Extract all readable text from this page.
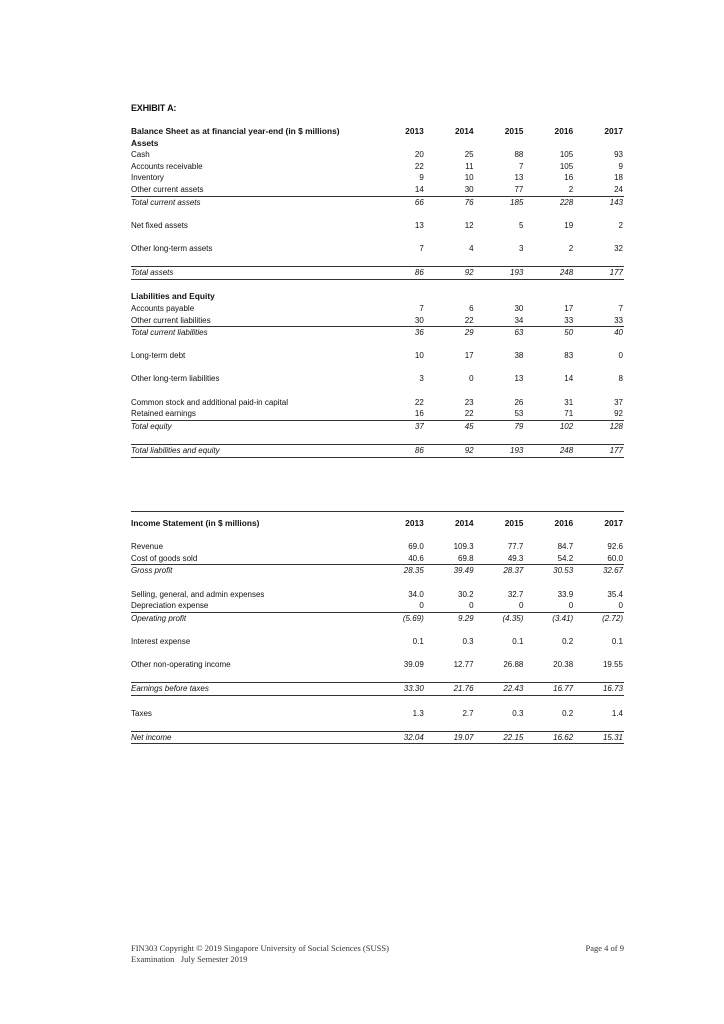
EXHIBIT A:
Balance Sheet as at financial year-end (in $ millions)	2013	2014	2015	2016	2017
Assets					
Cash	20	25	88	105	93
Accounts receivable	22	11	7	105	9
Inventory	9	10	13	16	18
Other current assets	14	30	77	2	24
Total current assets	66	76	185	228	143

Net fixed assets	13	12	5	19	2

Other long-term assets	7	4	3	2	32

Total assets	86	92	193	248	177

Liabilities and Equity					
Accounts payable	7	6	30	17	7
Other current liabilities	30	22	34	33	33
Total current liabilities	36	29	63	50	40

Long-term debt	10	17	38	83	0

Other long-term liabilities	3	0	13	14	8

Common stock and additional paid-in capital	22	23	26	31	37
Retained earnings	16	22	53	71	92
Total equity	37	45	79	102	128

Total liabilities and equity	86	92	193	248	177
Income Statement (in $ millions)	2013	2014	2015	2016	2017

Revenue	69.0	109.3	77.7	84.7	92.6
Cost of goods sold	40.6	69.8	49.3	54.2	60.0
Gross profit	28.35	39.49	28.37	30.53	32.67

Selling, general, and admin expenses	34.0	30.2	32.7	33.9	35.4
Depreciation expense	0	0	0	0	0
Operating profit	(5.69)	9.29	(4.35)	(3.41)	(2.72)

Interest expense	0.1	0.3	0.1	0.2	0.1

Other non-operating income	39.09	12.77	26.88	20.38	19.55

Earnings before taxes	33.30	21.76	22.43	16.77	16.73

Taxes	1.3	2.7	0.3	0.2	1.4

Net income	32.04	19.07	22.15	16.62	15.31
FIN303 Copyright © 2019 Singapore University of Social Sciences (SUSS)
Examination   July Semester 2019
Page 4 of 9
